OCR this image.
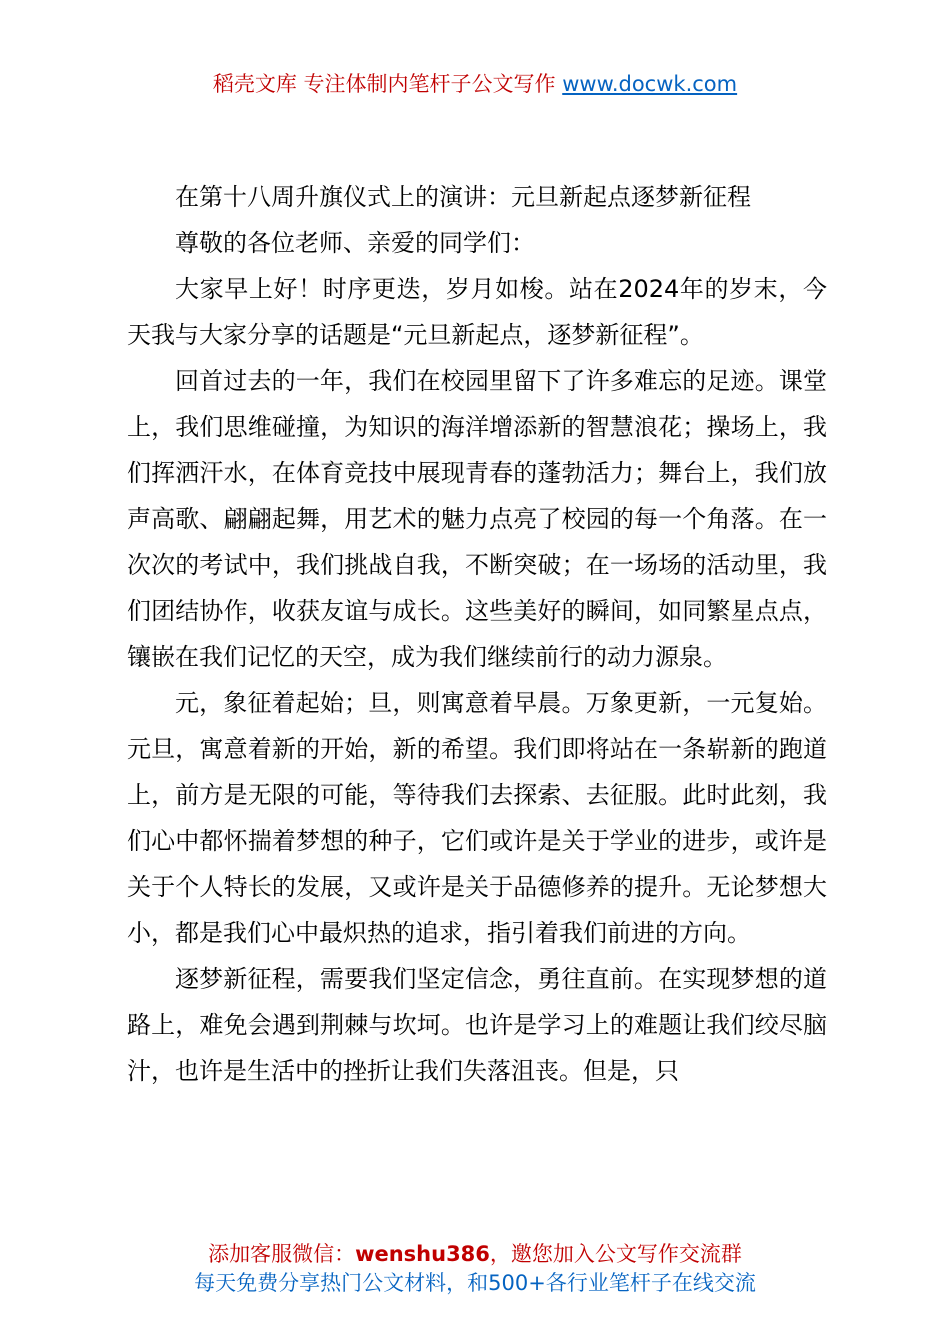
稻壳文库 专注体制内笔杆子公文写作 www.docwk.com

在第十八周升旗仪式上的演讲：元旦新起点逐梦新征程

尊敬的各位老师、亲爱的同学们：

大家早上好！时序更迭，岁月如梭。站在2024年的岁末，今天我与大家分享的话题是“元旦新起点，逐梦新征程”。

回首过去的一年，我们在校园里留下了许多难忘的足迹。课堂上，我们思维碰撞，为知识的海洋增添新的智慧浪花；操场上，我们挥洒汗水，在体育竞技中展现青春的蓬勃活力；舞台上，我们放声高歌、翩翩起舞，用艺术的魅力点亮了校园的每一个角落。在一次次的考试中，我们挑战自我，不断突破；在一场场的活动里，我们团结协作，收获友谊与成长。这些美好的瞬间，如同繁星点点，镶嵌在我们记忆的天空，成为我们继续前行的动力源泉。

元，象征着起始；旦，则寓意着早晨。万象更新，一元复始。元旦，寓意着新的开始，新的希望。我们即将站在一条崭新的跑道上，前方是无限的可能，等待我们去探索、去征服。此时此刻，我们心中都怀揣着梦想的种子，它们或许是关于学业的进步，或许是关于个人特长的发展，又或许是关于品德修养的提升。无论梦想大小，都是我们心中最炽热的追求，指引着我们前进的方向。

逐梦新征程，需要我们坚定信念，勇往直前。在实现梦想的道路上，难免会遇到荆棘与坎坷。也许是学习上的难题让我们绞尽脑汁，也许是生活中的挫折让我们失落沮丧。但是，只

添加客服微信：wenshu386，邀您加入公文写作交流群
每天免费分享热门公文材料，和500+各行业笔杆子在线交流
